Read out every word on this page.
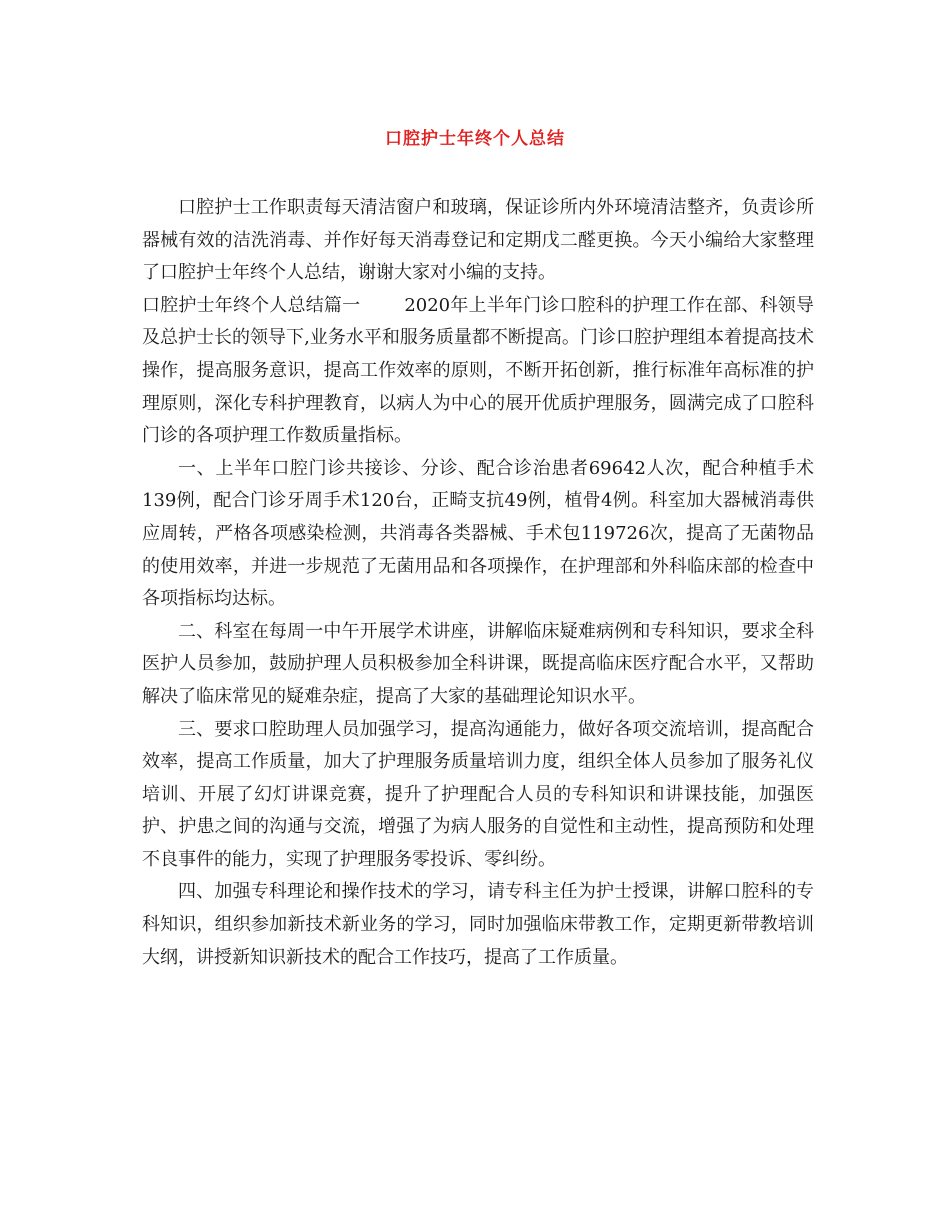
口腔护士年终个人总结

口腔护士工作职责每天清洁窗户和玻璃，保证诊所内外环境清洁整齐，负责诊所器械有效的洁洗消毒、并作好每天消毒登记和定期戊二醛更换。今天小编给大家整理了口腔护士年终个人总结，谢谢大家对小编的支持。

口腔护士年终个人总结篇一 2020年上半年门诊口腔科的护理工作在部、科领导及总护士长的领导下,业务水平和服务质量都不断提高。门诊口腔护理组本着提高技术操作，提高服务意识，提高工作效率的原则，不断开拓创新，推行标准年高标准的护理原则，深化专科护理教育，以病人为中心的展开优质护理服务，圆满完成了口腔科门诊的各项护理工作数质量指标。

一、上半年口腔门诊共接诊、分诊、配合诊治患者69642人次，配合种植手术139例，配合门诊牙周手术120台，正畸支抗49例，植骨4例。科室加大器械消毒供应周转，严格各项感染检测，共消毒各类器械、手术包119726次，提高了无菌物品的使用效率，并进一步规范了无菌用品和各项操作，在护理部和外科临床部的检查中各项指标均达标。

二、科室在每周一中午开展学术讲座，讲解临床疑难病例和专科知识，要求全科医护人员参加，鼓励护理人员积极参加全科讲课，既提高临床医疗配合水平，又帮助解决了临床常见的疑难杂症，提高了大家的基础理论知识水平。

三、要求口腔助理人员加强学习，提高沟通能力，做好各项交流培训，提高配合效率，提高工作质量，加大了护理服务质量培训力度，组织全体人员参加了服务礼仪培训、开展了幻灯讲课竞赛，提升了护理配合人员的专科知识和讲课技能，加强医护、护患之间的沟通与交流，增强了为病人服务的自觉性和主动性，提高预防和处理不良事件的能力，实现了护理服务零投诉、零纠纷。

四、加强专科理论和操作技术的学习，请专科主任为护士授课，讲解口腔科的专科知识，组织参加新技术新业务的学习，同时加强临床带教工作，定期更新带教培训大纲，讲授新知识新技术的配合工作技巧，提高了工作质量。
